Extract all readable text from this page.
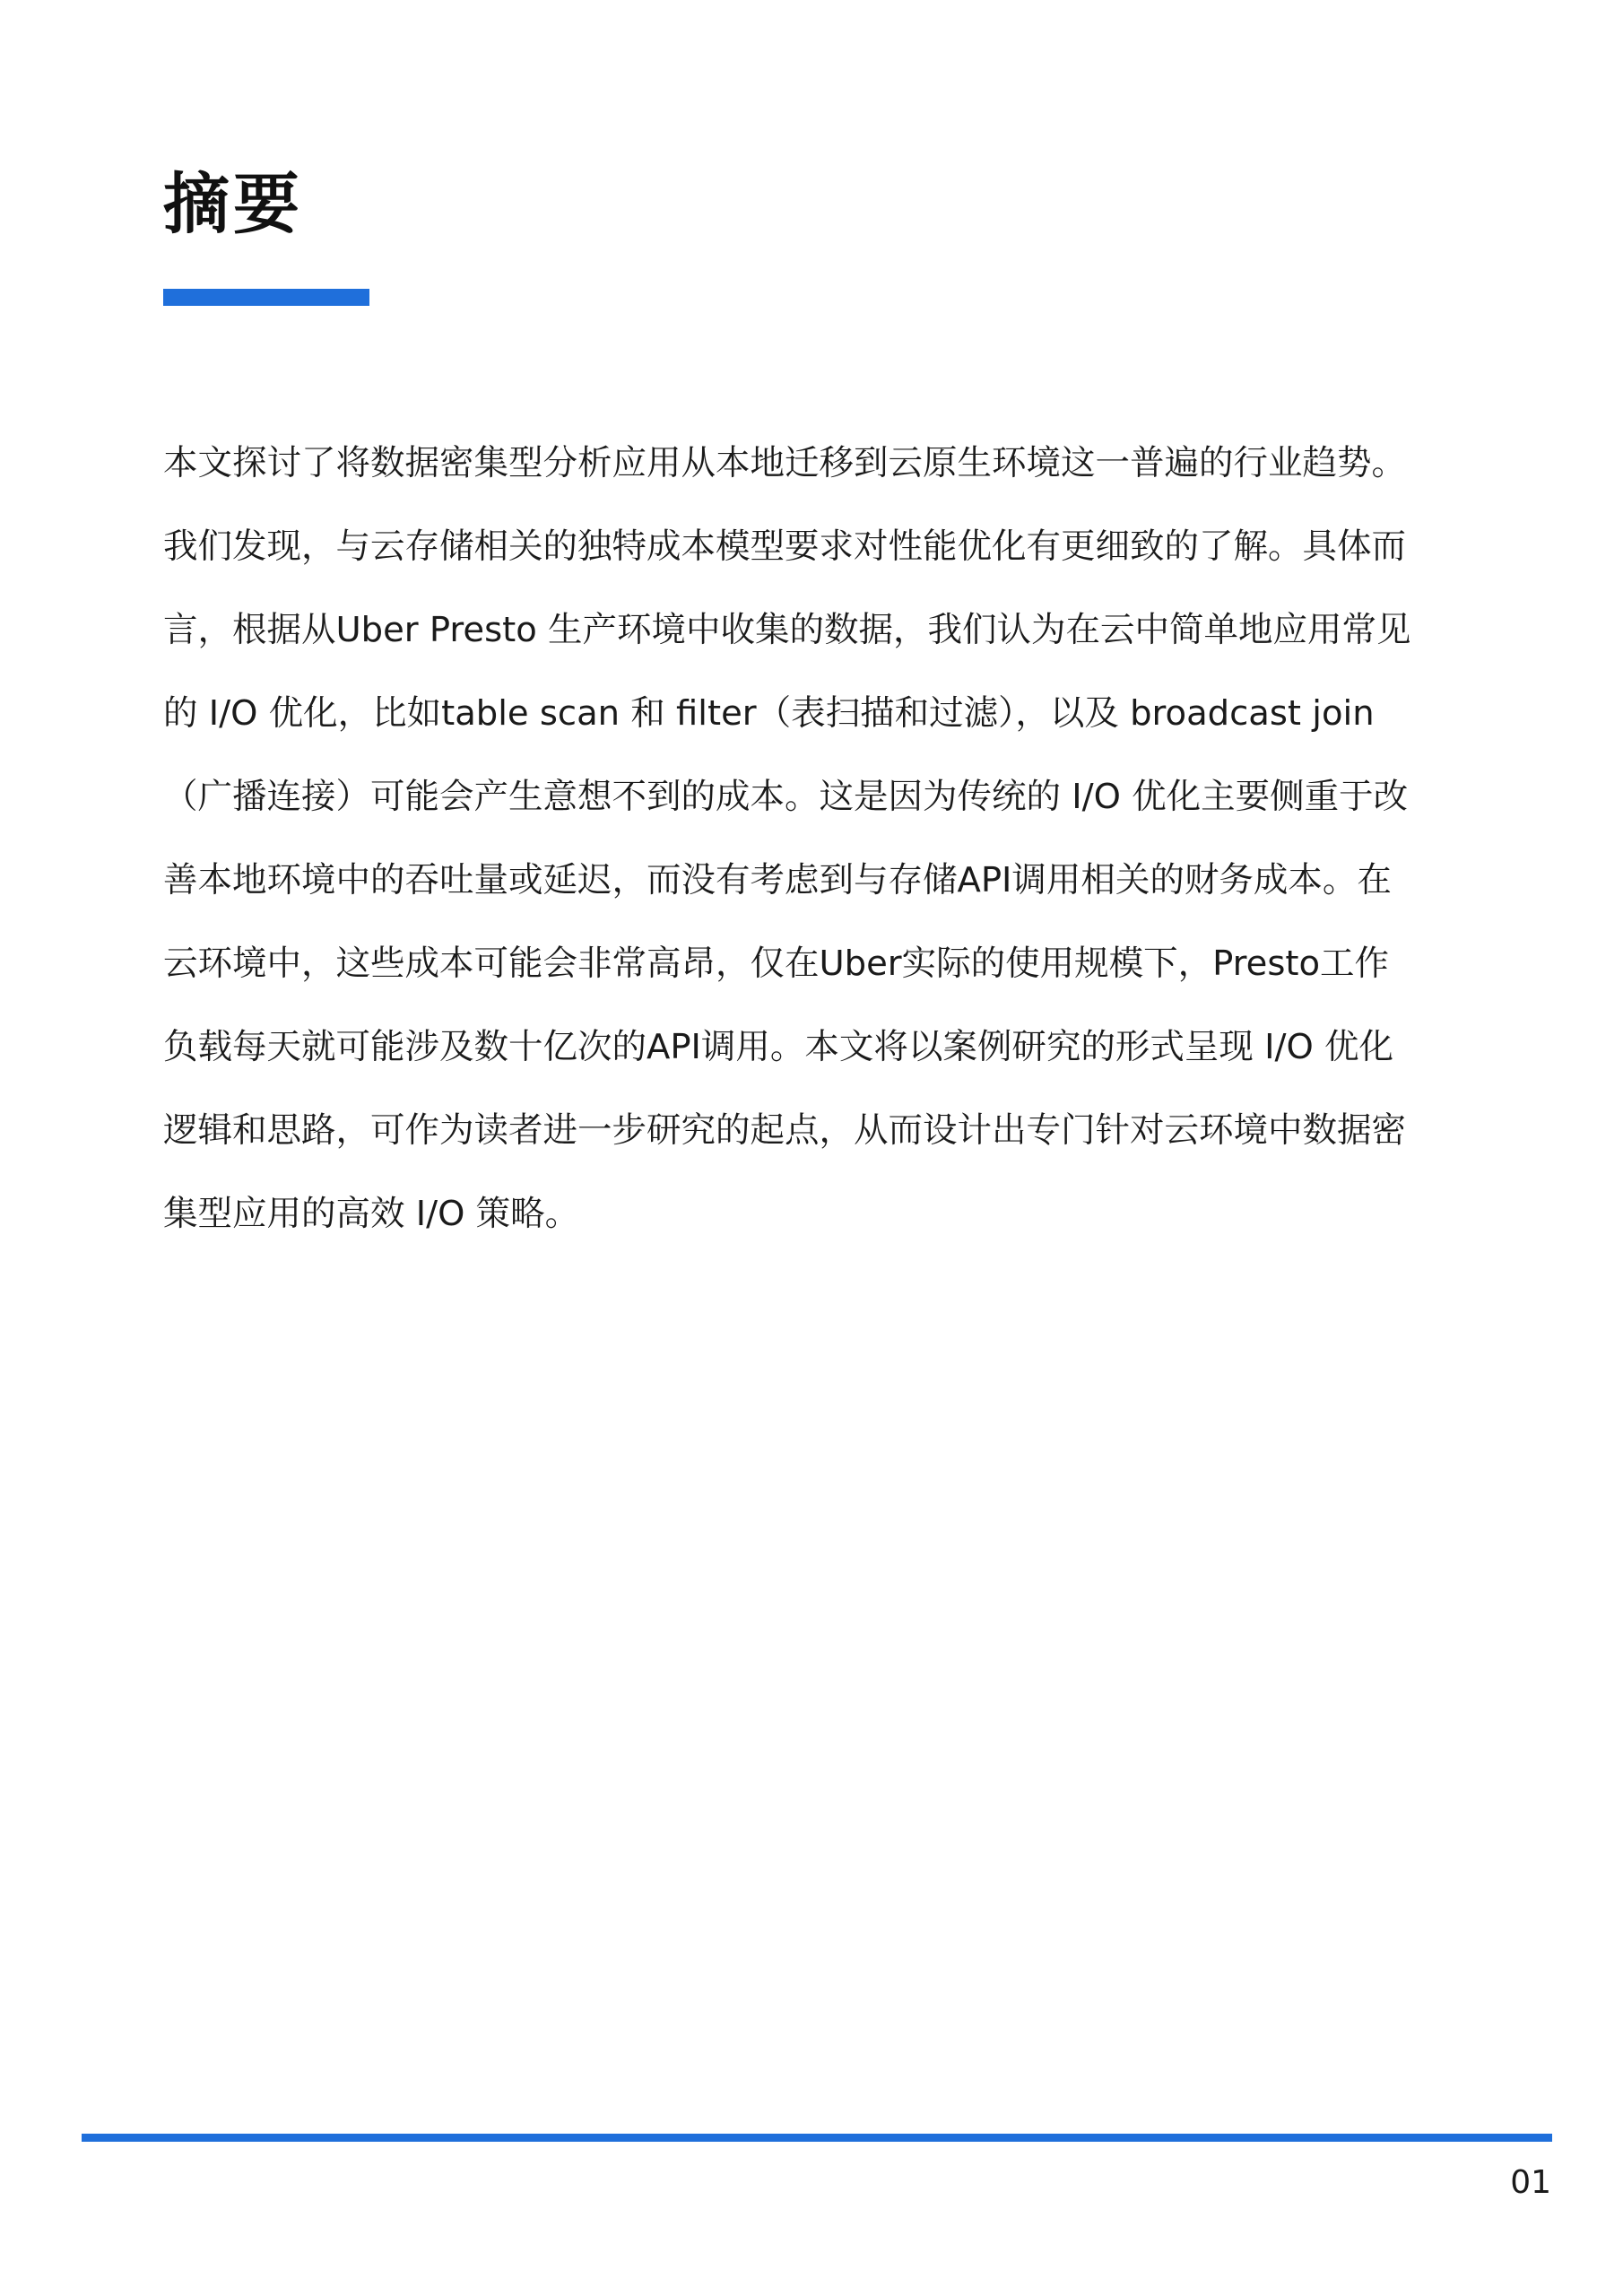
摘要
本文探讨了将数据密集型分析应用从本地迁移到云原生环境这一普遍的行业趋势。
我们发现，与云存储相关的独特成本模型要求对性能优化有更细致的了解。具体而
言，根据从Uber Presto 生产环境中收集的数据，我们认为在云中简单地应用常见
的 I/O 优化，比如table scan 和 filter（表扫描和过滤），以及 broadcast join
（广播连接）可能会产生意想不到的成本。这是因为传统的 I/O 优化主要侧重于改
善本地环境中的吞吐量或延迟，而没有考虑到与存储API调用相关的财务成本。在
云环境中，这些成本可能会非常高昂，仅在Uber实际的使用规模下，Presto工作
负载每天就可能涉及数十亿次的API调用。本文将以案例研究的形式呈现 I/O 优化
逻辑和思路，可作为读者进一步研究的起点，从而设计出专门针对云环境中数据密
集型应用的高效 I/O 策略。
01
